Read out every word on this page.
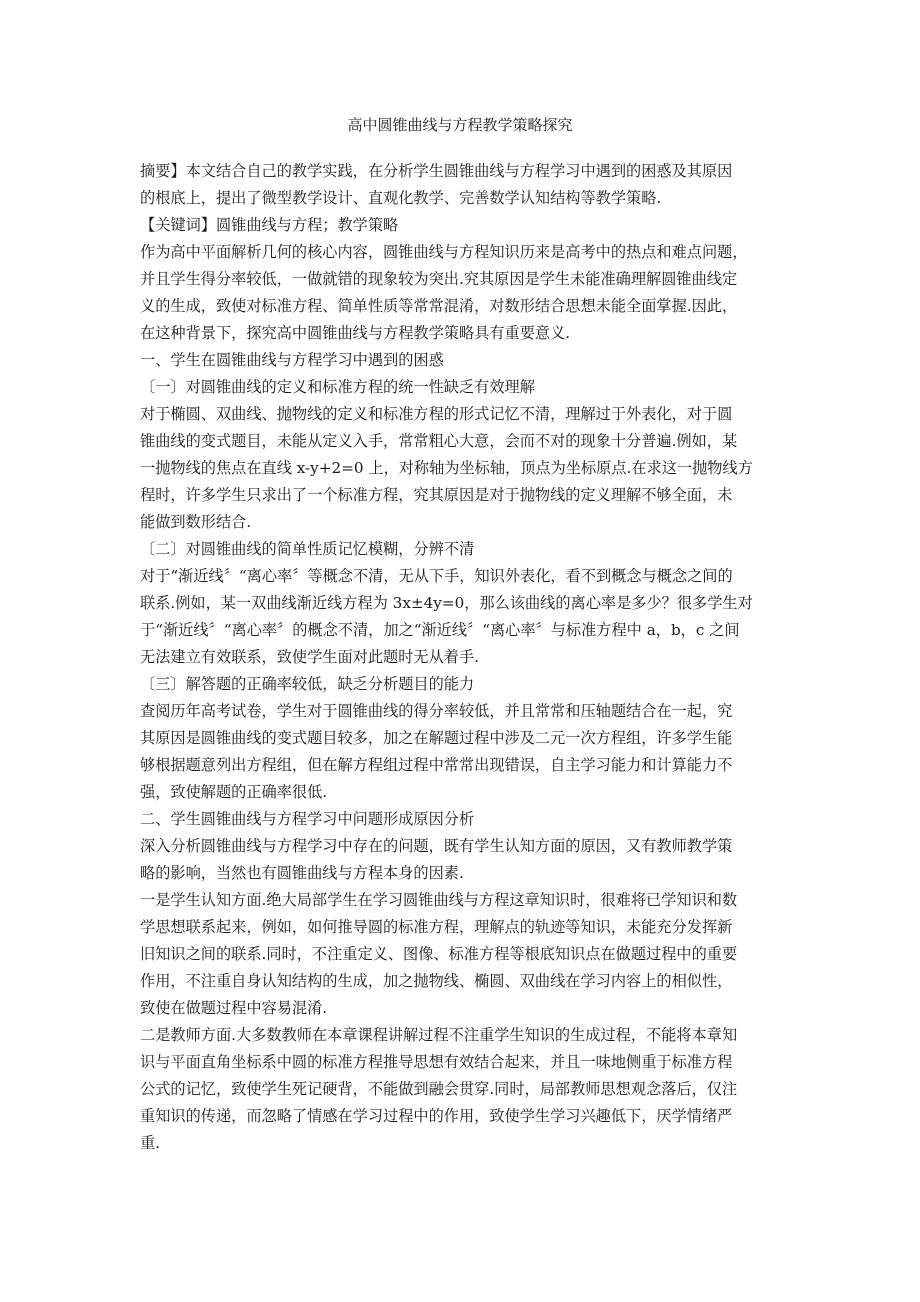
高中圆锥曲线与方程教学策略探究
摘要】本文结合自己的教学实践，在分析学生圆锥曲线与方程学习中遇到的困惑及其原因
的根底上，提出了微型教学设计、直观化教学、完善数学认知结构等教学策略.
【关键词】圆锥曲线与方程；教学策略
作为高中平面解析几何的核心内容，圆锥曲线与方程知识历来是高考中的热点和难点问题，
并且学生得分率较低，一做就错的现象较为突出.究其原因是学生未能准确理解圆锥曲线定
义的生成，致使对标准方程、简单性质等常常混淆，对数形结合思想未能全面掌握.因此，
在这种背景下，探究高中圆锥曲线与方程教学策略具有重要意义.
一、学生在圆锥曲线与方程学习中遇到的困惑
〔一〕对圆锥曲线的定义和标准方程的统一性缺乏有效理解
对于椭圆、双曲线、抛物线的定义和标准方程的形式记忆不清，理解过于外表化，对于圆
锥曲线的变式题目，未能从定义入手，常常粗心大意，会而不对的现象十分普遍.例如，某
一抛物线的焦点在直线 x-y+2=0 上，对称轴为坐标轴，顶点为坐标原点.在求这一抛物线方
程时，许多学生只求出了一个标准方程，究其原因是对于抛物线的定义理解不够全面，未
能做到数形结合.
〔二〕对圆锥曲线的简单性质记忆模糊，分辨不清
对于“渐近线〞“离心率〞等概念不清，无从下手，知识外表化，看不到概念与概念之间的
联系.例如，某一双曲线渐近线方程为 3x±4y=0，那么该曲线的离心率是多少？很多学生对
于“渐近线〞“离心率〞的概念不清，加之“渐近线〞“离心率〞与标准方程中 a，b，c 之间
无法建立有效联系，致使学生面对此题时无从着手.
〔三〕解答题的正确率较低，缺乏分析题目的能力
查阅历年高考试卷，学生对于圆锥曲线的得分率较低，并且常常和压轴题结合在一起，究
其原因是圆锥曲线的变式题目较多，加之在解题过程中涉及二元一次方程组，许多学生能
够根据题意列出方程组，但在解方程组过程中常常出现错误，自主学习能力和计算能力不
强，致使解题的正确率很低.
二、学生圆锥曲线与方程学习中问题形成原因分析
深入分析圆锥曲线与方程学习中存在的问题，既有学生认知方面的原因，又有教师教学策
略的影响，当然也有圆锥曲线与方程本身的因素.
一是学生认知方面.绝大局部学生在学习圆锥曲线与方程这章知识时，很难将已学知识和数
学思想联系起来，例如，如何推导圆的标准方程，理解点的轨迹等知识，未能充分发挥新
旧知识之间的联系.同时，不注重定义、图像、标准方程等根底知识点在做题过程中的重要
作用，不注重自身认知结构的生成，加之抛物线、椭圆、双曲线在学习内容上的相似性，
致使在做题过程中容易混淆.
二是教师方面.大多数教师在本章课程讲解过程不注重学生知识的生成过程，不能将本章知
识与平面直角坐标系中圆的标准方程推导思想有效结合起来，并且一味地侧重于标准方程
公式的记忆，致使学生死记硬背，不能做到融会贯穿.同时，局部教师思想观念落后，仅注
重知识的传递，而忽略了情感在学习过程中的作用，致使学生学习兴趣低下，厌学情绪严
重.
